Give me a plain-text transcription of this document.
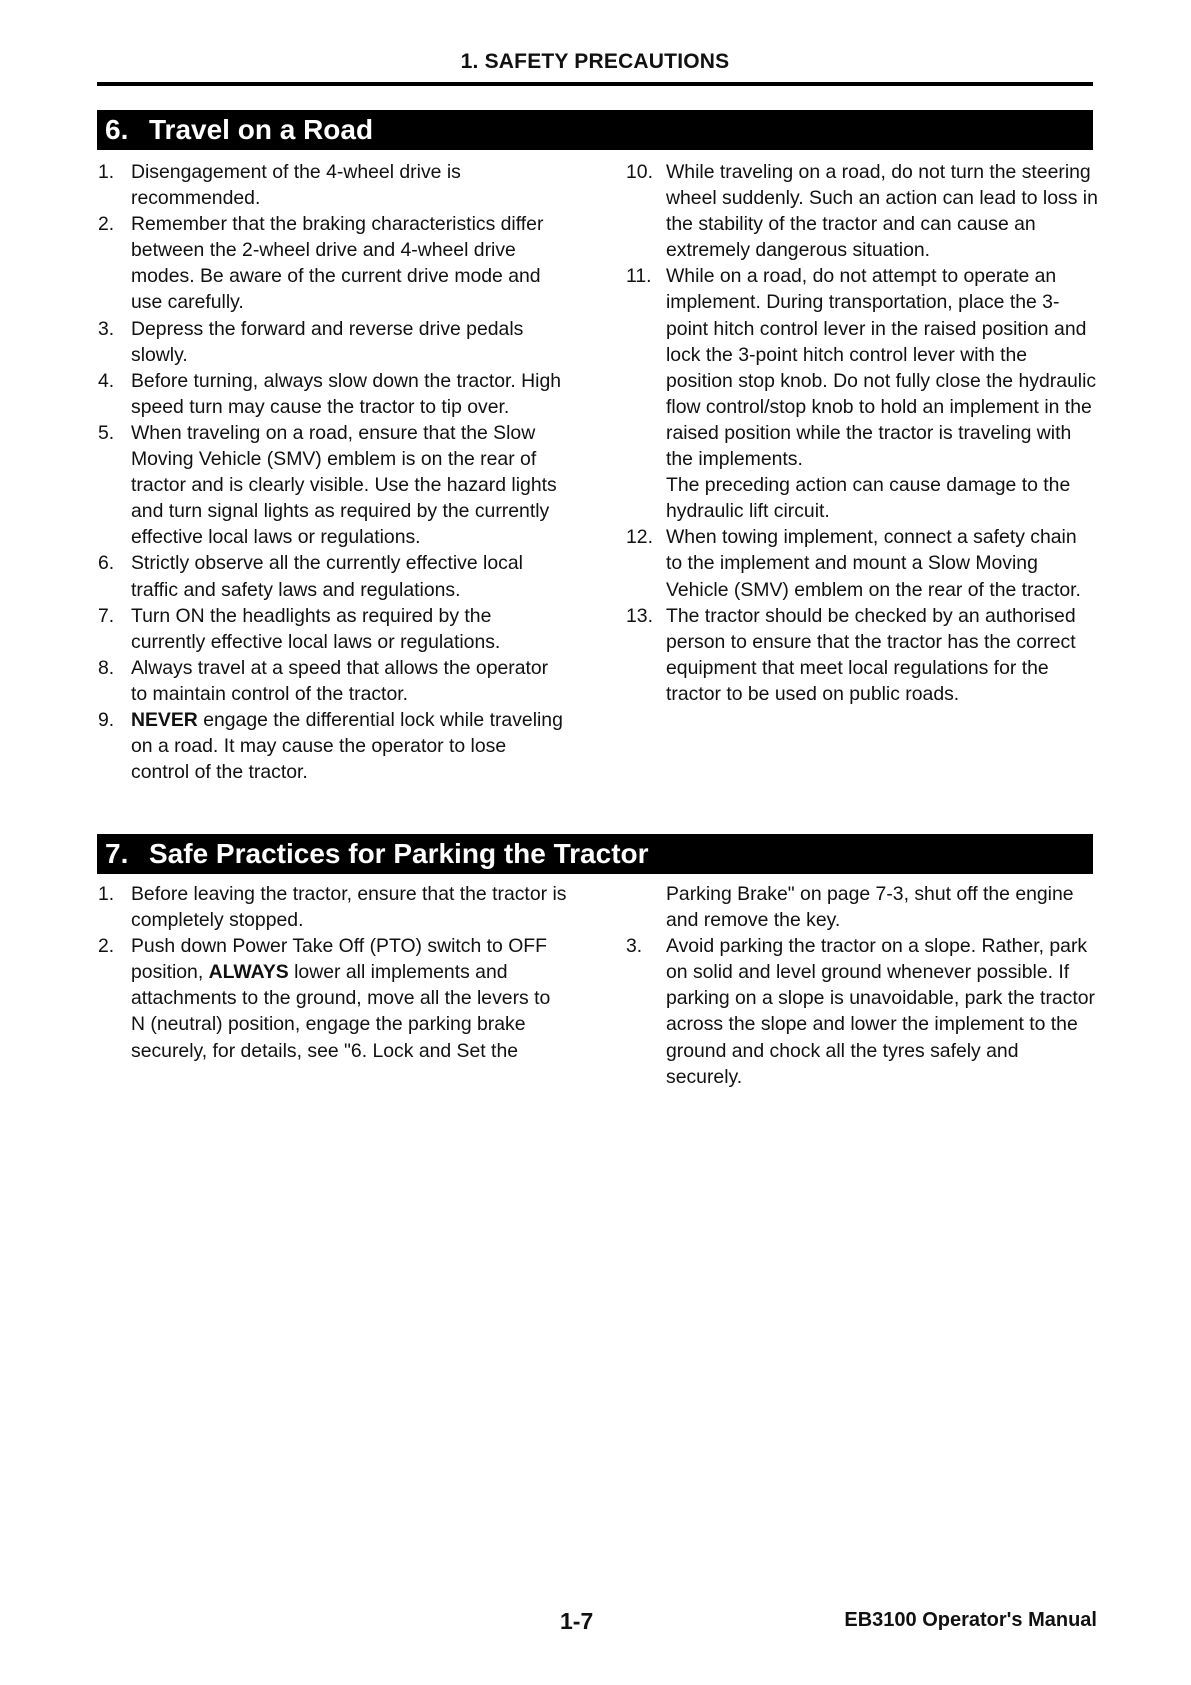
1. SAFETY PRECAUTIONS
6. Travel on a Road
1. Disengagement of the 4-wheel drive is recommended.
2. Remember that the braking characteristics differ between the 2-wheel drive and 4-wheel drive modes. Be aware of the current drive mode and use carefully.
3. Depress the forward and reverse drive pedals slowly.
4. Before turning, always slow down the tractor. High speed turn may cause the tractor to tip over.
5. When traveling on a road, ensure that the Slow Moving Vehicle (SMV) emblem is on the rear of tractor and is clearly visible. Use the hazard lights and turn signal lights as required by the currently effective local laws or regulations.
6. Strictly observe all the currently effective local traffic and safety laws and regulations.
7. Turn ON the headlights as required by the currently effective local laws or regulations.
8. Always travel at a speed that allows the operator to maintain control of the tractor.
9. NEVER engage the differential lock while traveling on a road. It may cause the operator to lose control of the tractor.
10. While traveling on a road, do not turn the steering wheel suddenly. Such an action can lead to loss in the stability of the tractor and can cause an extremely dangerous situation.
11. While on a road, do not attempt to operate an implement. During transportation, place the 3-point hitch control lever in the raised position and lock the 3-point hitch control lever with the position stop knob. Do not fully close the hydraulic flow control/stop knob to hold an implement in the raised position while the tractor is traveling with the implements.
The preceding action can cause damage to the hydraulic lift circuit.
12. When towing implement, connect a safety chain to the implement and mount a Slow Moving Vehicle (SMV) emblem on the rear of the tractor.
13. The tractor should be checked by an authorised person to ensure that the tractor has the correct equipment that meet local regulations for the tractor to be used on public roads.
7. Safe Practices for Parking the Tractor
1. Before leaving the tractor, ensure that the tractor is completely stopped.
2. Push down Power Take Off (PTO) switch to OFF position, ALWAYS lower all implements and attachments to the ground, move all the levers to N (neutral) position, engage the parking brake securely, for details, see "6. Lock and Set the
Parking Brake" on page 7-3, shut off the engine and remove the key.
3. Avoid parking the tractor on a slope. Rather, park on solid and level ground whenever possible. If parking on a slope is unavoidable, park the tractor across the slope and lower the implement to the ground and chock all the tyres safely and securely.
1-7	EB3100 Operator's Manual
